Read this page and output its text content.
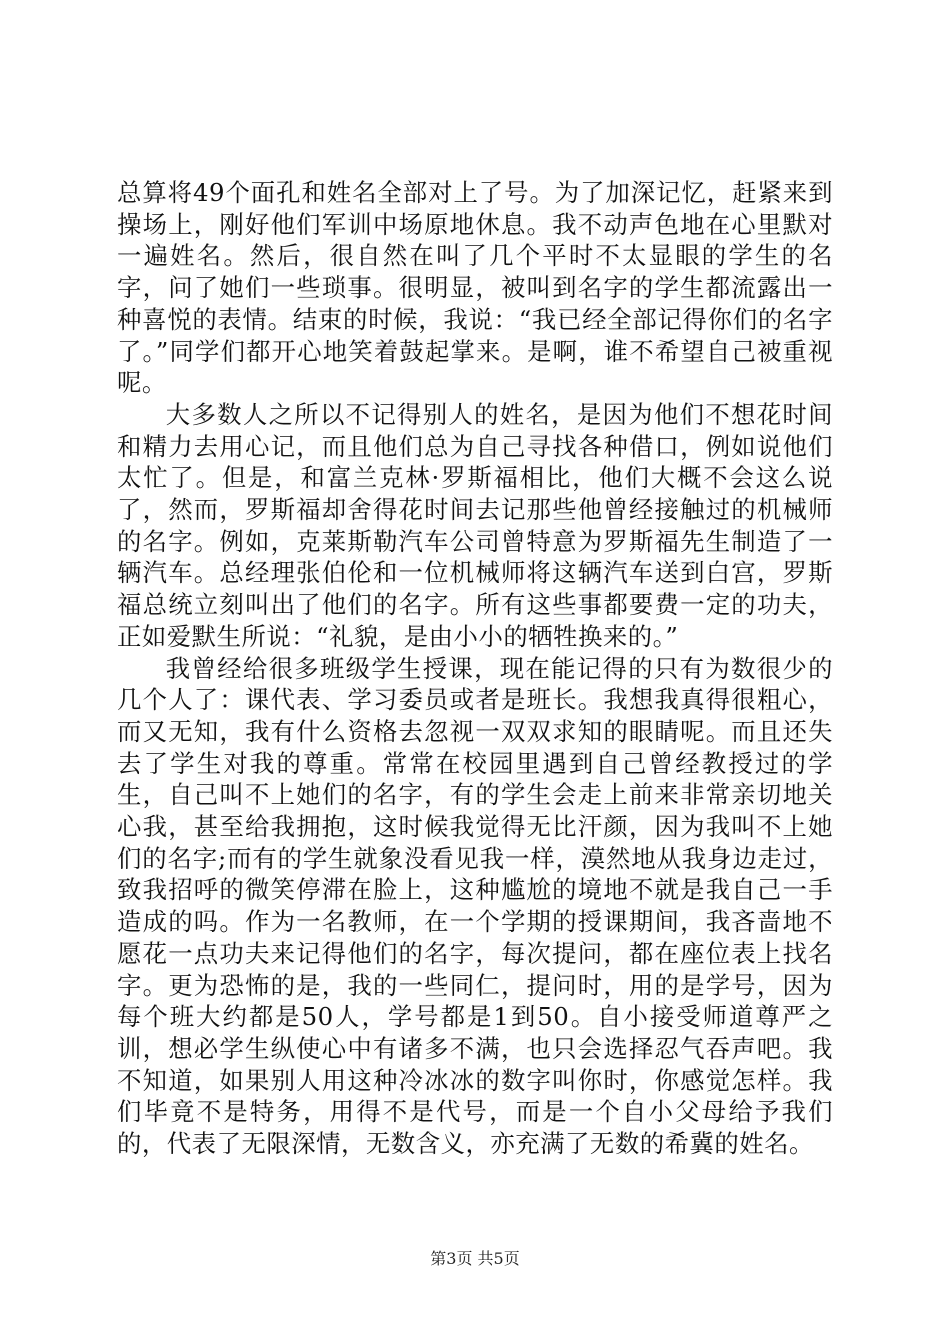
总算将49个面孔和姓名全部对上了号。为了加深记忆，赶紧来到操场上，刚好他们军训中场原地休息。我不动声色地在心里默对一遍姓名。然后，很自然在叫了几个平时不太显眼的学生的名字，问了她们一些琐事。很明显，被叫到名字的学生都流露出一种喜悦的表情。结束的时候，我说：“我已经全部记得你们的名字了。”同学们都开心地笑着鼓起掌来。是啊，谁不希望自己被重视呢。

大多数人之所以不记得别人的姓名，是因为他们不想花时间和精力去用心记，而且他们总为自己寻找各种借口，例如说他们太忙了。但是，和富兰克林·罗斯福相比，他们大概不会这么说了，然而，罗斯福却舍得花时间去记那些他曾经接触过的机械师的名字。例如，克莱斯勒汽车公司曾特意为罗斯福先生制造了一辆汽车。总经理张伯伦和一位机械师将这辆汽车送到白宫，罗斯福总统立刻叫出了他们的名字。所有这些事都要费一定的功夫，正如爱默生所说：“礼貌，是由小小的牺牲换来的。”

我曾经给很多班级学生授课，现在能记得的只有为数很少的几个人了：课代表、学习委员或者是班长。我想我真得很粗心，而又无知，我有什么资格去忽视一双双求知的眼睛呢。而且还失去了学生对我的尊重。常常在校园里遇到自己曾经教授过的学生，自己叫不上她们的名字，有的学生会走上前来非常亲切地关心我，甚至给我拥抱，这时候我觉得无比汗颜，因为我叫不上她们的名字;而有的学生就象没看见我一样，漠然地从我身边走过，致我招呼的微笑停滞在脸上，这种尴尬的境地不就是我自己一手造成的吗。作为一名教师，在一个学期的授课期间，我吝啬地不愿花一点功夫来记得他们的名字，每次提问，都在座位表上找名字。更为恐怖的是，我的一些同仁，提问时，用的是学号，因为每个班大约都是50人，学号都是1到50。自小接受师道尊严之训，想必学生纵使心中有诸多不满，也只会选择忍气吞声吧。我不知道，如果别人用这种冷冰冰的数字叫你时，你感觉怎样。我们毕竟不是特务，用得不是代号，而是一个自小父母给予我们的，代表了无限深情，无数含义，亦充满了无数的希冀的姓名。

第3页 共5页
